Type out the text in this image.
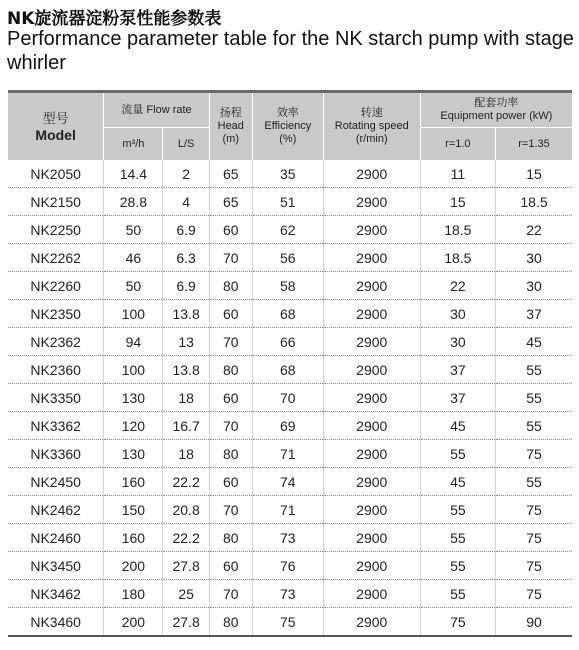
NK旋流器淀粉泵性能参数表
Performance parameter table for the NK starch pump with stage whirler

型号
Model	流量 Flow rate		扬程
Head
(m)	效率
Efficiency
(%)	转速
Rotating speed
(r/min)	配套功率
Equipment power (kW)	
	m³/h	L/S				r=1.0	r=1.35
NK2050	14.4	2	65	35	2900	11	15
NK2150	28.8	4	65	51	2900	15	18.5
NK2250	50	6.9	60	62	2900	18.5	22
NK2262	46	6.3	70	56	2900	18.5	30
NK2260	50	6.9	80	58	2900	22	30
NK2350	100	13.8	60	68	2900	30	37
NK2362	94	13	70	66	2900	30	45
NK2360	100	13.8	80	68	2900	37	55
NK3350	130	18	60	70	2900	37	55
NK3362	120	16.7	70	69	2900	45	55
NK3360	130	18	80	71	2900	55	75
NK2450	160	22.2	60	74	2900	45	55
NK2462	150	20.8	70	71	2900	55	75
NK2460	160	22.2	80	73	2900	55	75
NK3450	200	27.8	60	76	2900	55	75
NK3462	180	25	70	73	2900	55	75
NK3460	200	27.8	80	75	2900	75	90
